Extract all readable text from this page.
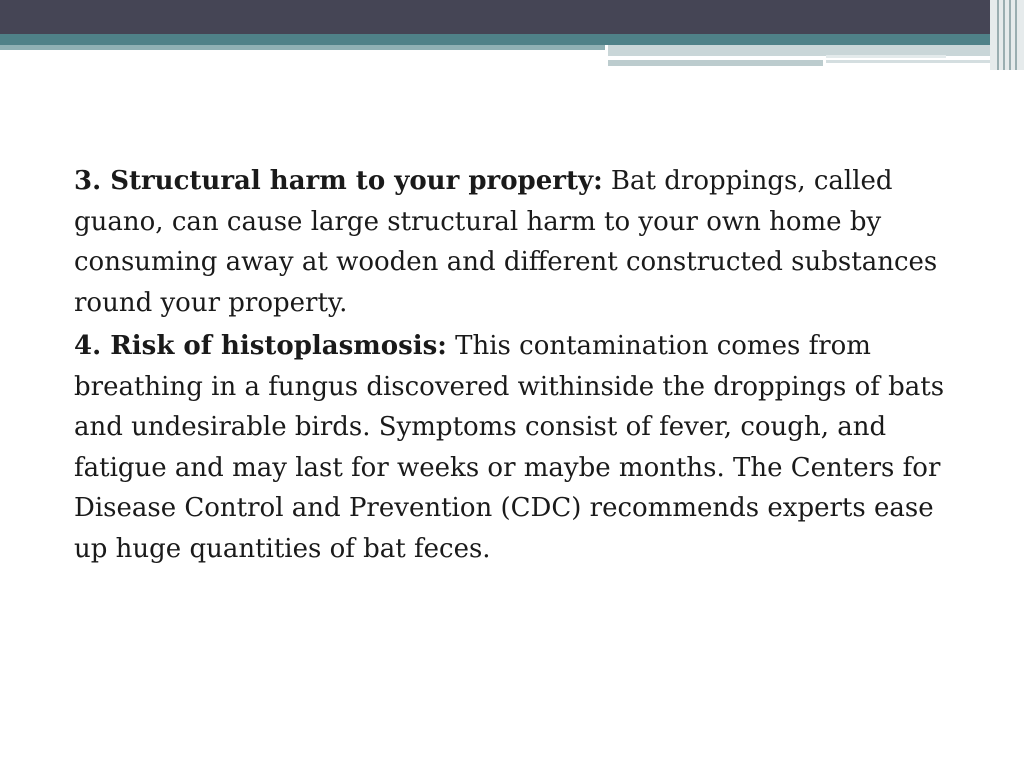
3. Structural harm to your property: Bat droppings, called guano, can cause large structural harm to your own home by consuming away at wooden and different constructed substances round your property.

4. Risk of histoplasmosis: This contamination comes from breathing in a fungus discovered withinside the droppings of bats and undesirable birds. Symptoms consist of fever, cough, and fatigue and may last for weeks or maybe months. The Centers for Disease Control and Prevention (CDC) recommends experts ease up huge quantities of bat feces.
